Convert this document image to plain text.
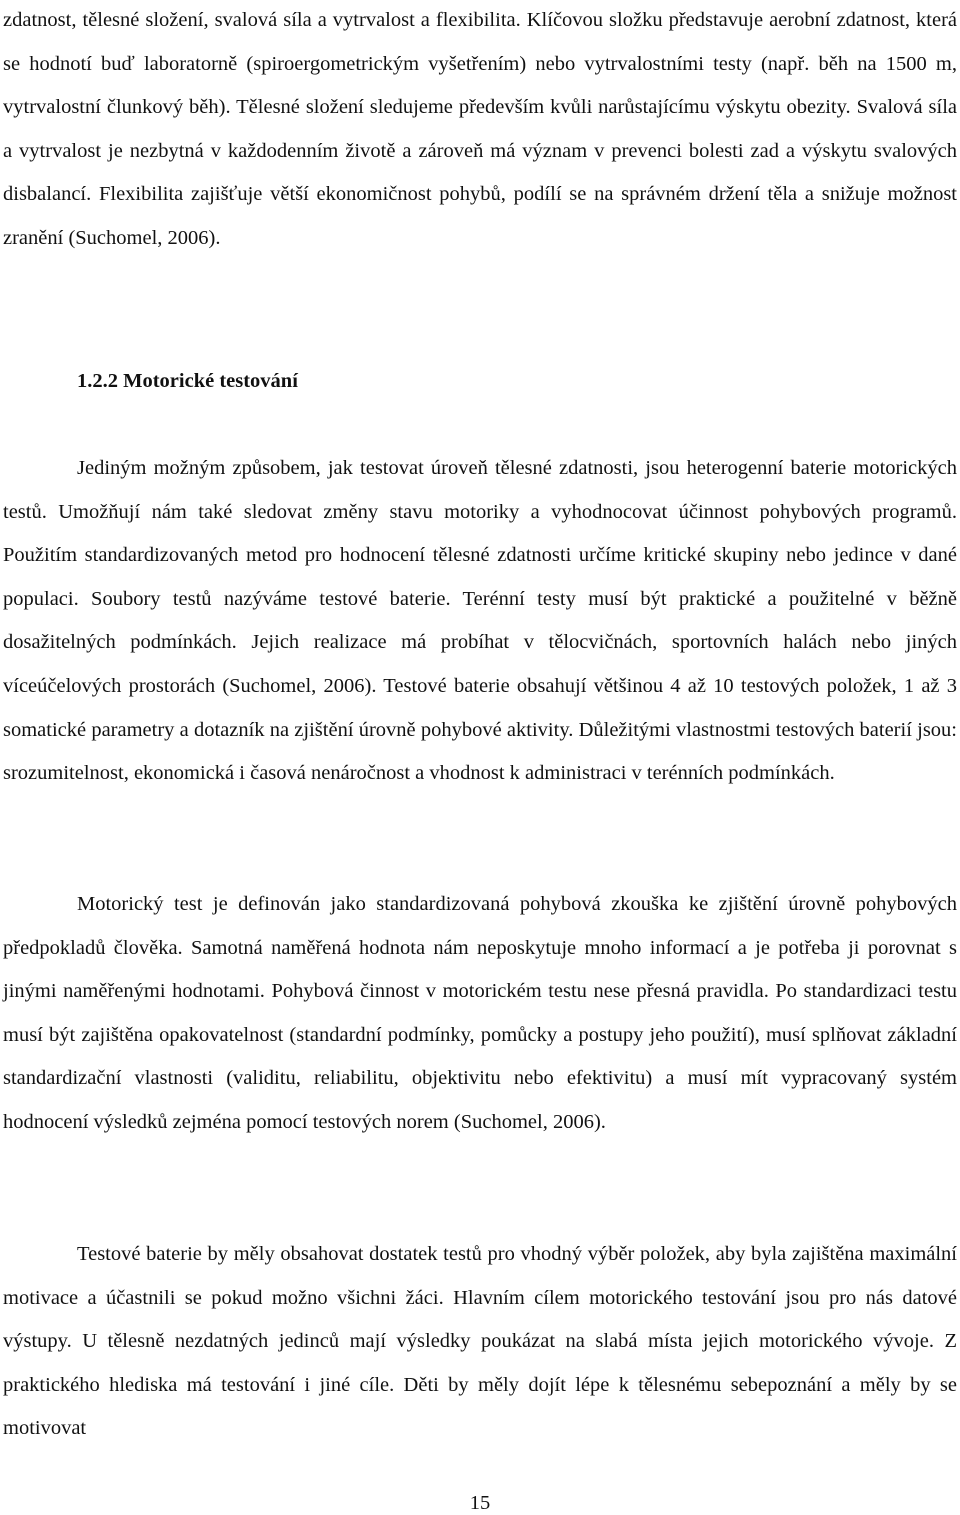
zdatnost, tělesné složení, svalová síla a vytrvalost a flexibilita. Klíčovou složku představuje aerobní zdatnost, která se hodnotí buď laboratorně (spiroergometrickým vyšetřením) nebo vytrvalostními testy (např. běh na 1500 m, vytrvalostní člunkový běh). Tělesné složení sledujeme především kvůli narůstajícímu výskytu obezity. Svalová síla a vytrvalost je nezbytná v každodenním životě a zároveň má význam v prevenci bolesti zad a výskytu svalových disbalancí. Flexibilita zajišťuje větší ekonomičnost pohybů, podílí se na správném držení těla a snižuje možnost zranění (Suchomel, 2006).

1.2.2 Motorické testování

Jediným možným způsobem, jak testovat úroveň tělesné zdatnosti, jsou heterogenní baterie motorických testů. Umožňují nám také sledovat změny stavu motoriky a vyhodnocovat účinnost pohybových programů. Použitím standardizovaných metod pro hodnocení tělesné zdatnosti určíme kritické skupiny nebo jedince v dané populaci. Soubory testů nazýváme testové baterie. Terénní testy musí být praktické a použitelné v běžně dosažitelných podmínkách. Jejich realizace má probíhat v tělocvičnách, sportovních halách nebo jiných víceúčelových prostorách (Suchomel, 2006). Testové baterie obsahují většinou 4 až 10 testových položek, 1 až 3 somatické parametry a dotazník na zjištění úrovně pohybové aktivity. Důležitými vlastnostmi testových baterií jsou: srozumitelnost, ekonomická i časová nenáročnost a vhodnost k administraci v terénních podmínkách.

Motorický test je definován jako standardizovaná pohybová zkouška ke zjištění úrovně pohybových předpokladů člověka. Samotná naměřená hodnota nám neposkytuje mnoho informací a je potřeba ji porovnat s jinými naměřenými hodnotami. Pohybová činnost v motorickém testu nese přesná pravidla. Po standardizaci testu musí být zajištěna opakovatelnost (standardní podmínky, pomůcky a postupy jeho použití), musí splňovat základní standardizační vlastnosti (validitu, reliabilitu, objektivitu nebo efektivitu) a musí mít vypracovaný systém hodnocení výsledků zejména pomocí testových norem (Suchomel, 2006).

Testové baterie by měly obsahovat dostatek testů pro vhodný výběr položek, aby byla zajištěna maximální motivace a účastnili se pokud možno všichni žáci. Hlavním cílem motorického testování jsou pro nás datové výstupy. U tělesně nezdatných jedinců mají výsledky poukázat na slabá místa jejich motorického vývoje. Z praktického hlediska má testování i jiné cíle. Děti by měly dojít lépe k tělesnému sebepoznání a měly by se motivovat

15
